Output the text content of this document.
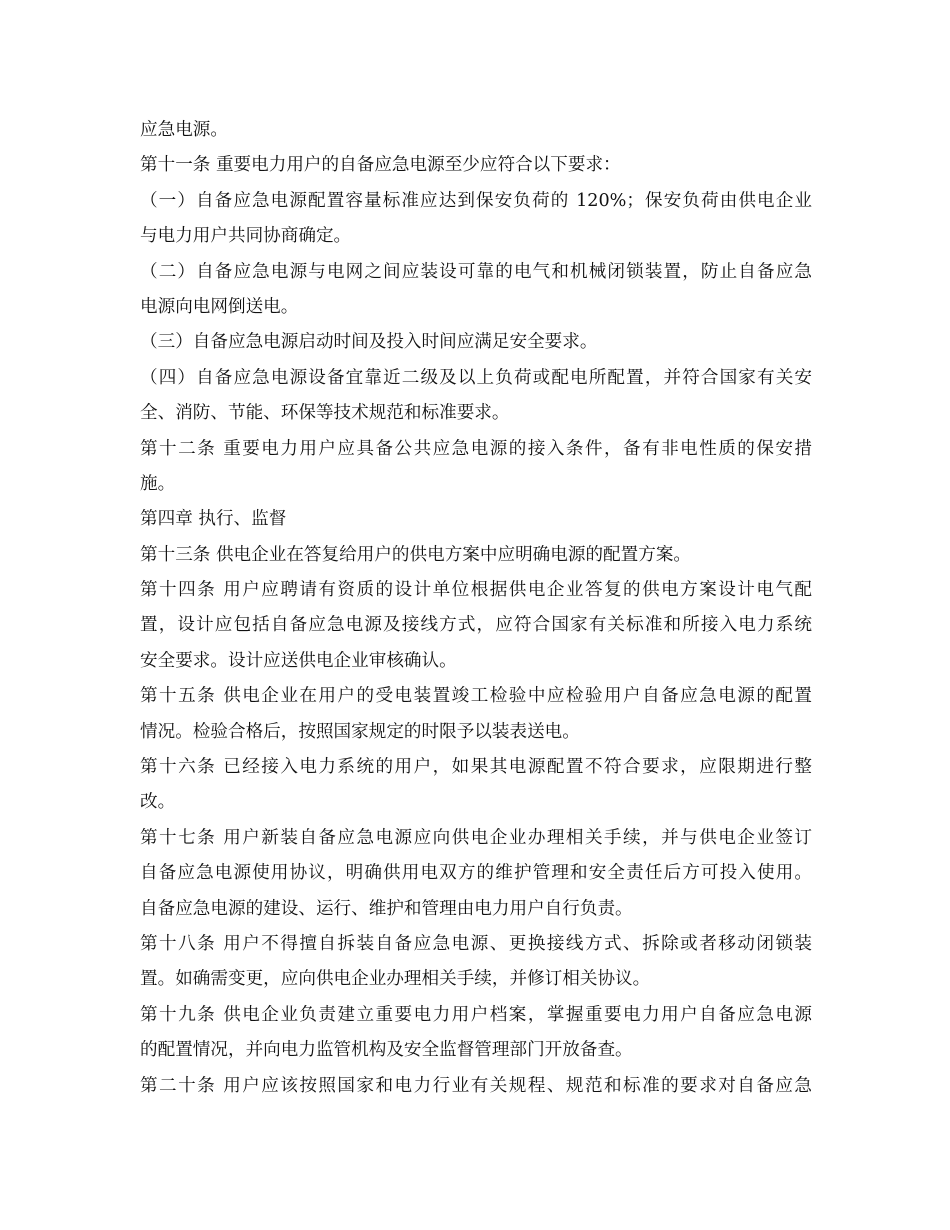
应急电源。
第十一条 重要电力用户的自备应急电源至少应符合以下要求：
（一）自备应急电源配置容量标准应达到保安负荷的 120%；保安负荷由供电企业
与电力用户共同协商确定。
（二）自备应急电源与电网之间应装设可靠的电气和机械闭锁装置，防止自备应急
电源向电网倒送电。
（三）自备应急电源启动时间及投入时间应满足安全要求。
（四）自备应急电源设备宜靠近二级及以上负荷或配电所配置，并符合国家有关安
全、消防、节能、环保等技术规范和标准要求。
第十二条 重要电力用户应具备公共应急电源的接入条件，备有非电性质的保安措
施。
第四章 执行、监督
第十三条 供电企业在答复给用户的供电方案中应明确电源的配置方案。
第十四条 用户应聘请有资质的设计单位根据供电企业答复的供电方案设计电气配
置，设计应包括自备应急电源及接线方式，应符合国家有关标准和所接入电力系统
安全要求。设计应送供电企业审核确认。
第十五条 供电企业在用户的受电装置竣工检验中应检验用户自备应急电源的配置
情况。检验合格后，按照国家规定的时限予以装表送电。
第十六条 已经接入电力系统的用户，如果其电源配置不符合要求，应限期进行整
改。
第十七条 用户新装自备应急电源应向供电企业办理相关手续，并与供电企业签订
自备应急电源使用协议，明确供用电双方的维护管理和安全责任后方可投入使用。
自备应急电源的建设、运行、维护和管理由电力用户自行负责。
第十八条 用户不得擅自拆装自备应急电源、更换接线方式、拆除或者移动闭锁装
置。如确需变更，应向供电企业办理相关手续，并修订相关协议。
第十九条 供电企业负责建立重要电力用户档案，掌握重要电力用户自备应急电源
的配置情况，并向电力监管机构及安全监督管理部门开放备查。
第二十条 用户应该按照国家和电力行业有关规程、规范和标准的要求对自备应急
